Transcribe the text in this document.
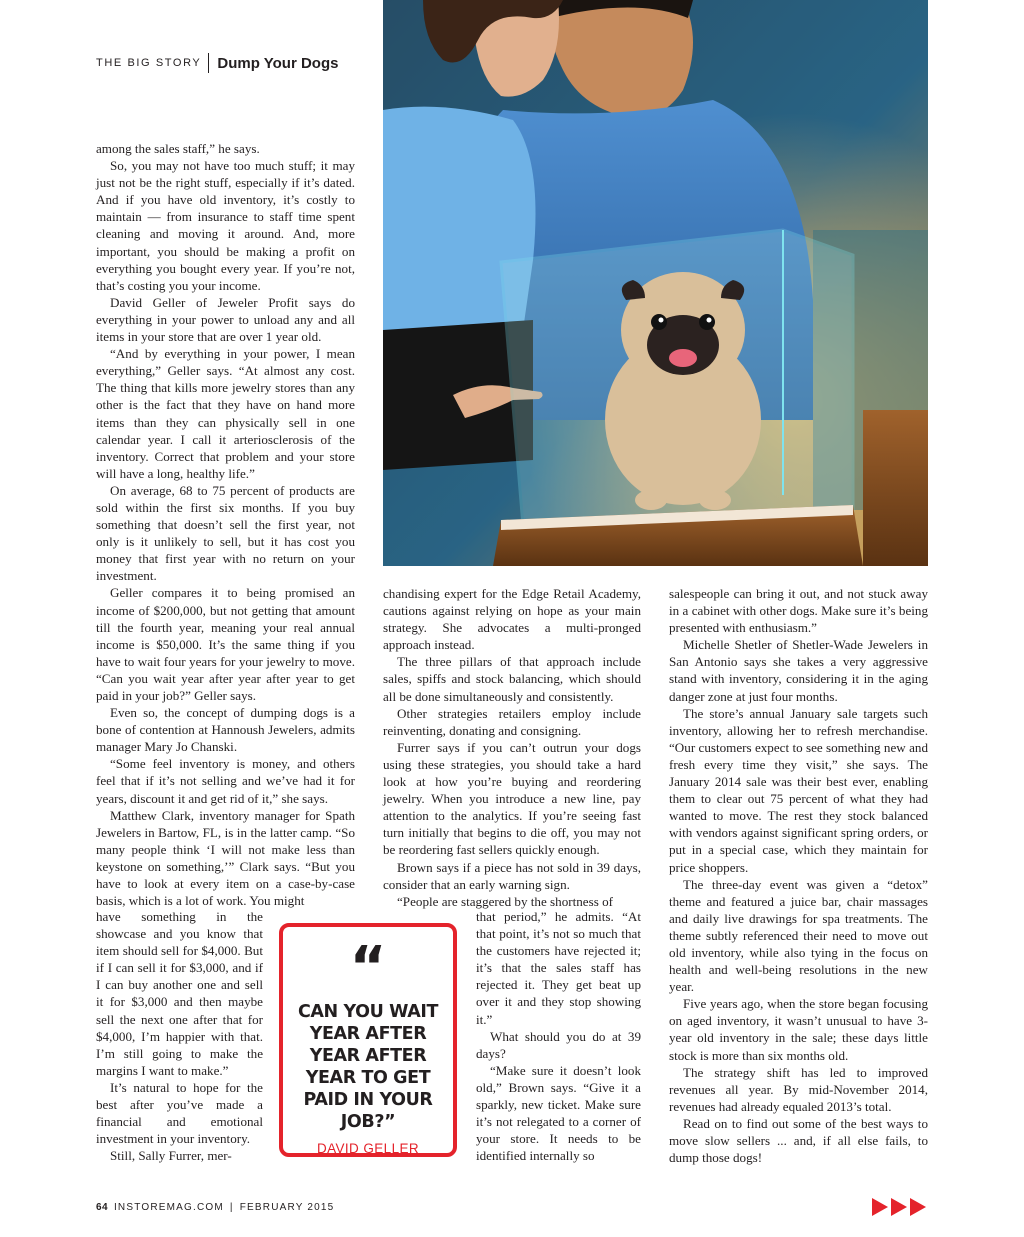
THE BIG STORY Dump Your Dogs

among the sales staff,” he says.

So, you may not have too much stuff; it may just not be the right stuff, especially if it’s dated. And if you have old inventory, it’s costly to maintain — from insurance to staff time spent cleaning and moving it around. And, more important, you should be making a profit on everything you bought every year. If you’re not, that’s costing you your income.

David Geller of Jeweler Profit says do everything in your power to unload any and all items in your store that are over 1 year old.

“And by everything in your power, I mean everything,” Geller says. “At almost any cost. The thing that kills more jewelry stores than any other is the fact that they have on hand more items than they can physically sell in one calendar year. I call it arteriosclerosis of the inventory. Correct that problem and your store will have a long, healthy life.”

On average, 68 to 75 percent of products are sold within the first six months. If you buy something that doesn’t sell the first year, not only is it unlikely to sell, but it has cost you money that first year with no return on your investment.

Geller compares it to being promised an income of $200,000, but not getting that amount till the fourth year, meaning your real annual income is $50,000. It’s the same thing if you have to wait four years for your jewelry to move. “Can you wait year after year after year to get paid in your job?” Geller says.

Even so, the concept of dumping dogs is a bone of contention at Hannoush Jewelers, admits manager Mary Jo Chanski.

“Some feel inventory is money, and others feel that if it’s not selling and we’ve had it for years, discount it and get rid of it,” she says.

Matthew Clark, inventory manager for Spath Jewelers in Bartow, FL, is in the latter camp. “So many people think ‘I will not make less than keystone on something,’” Clark says. “But you have to look at every item on a case-by-case basis, which is a lot of work. You might

have something in the showcase and you know that item should sell for $4,000. But if I can sell it for $3,000, and if I can buy another one and sell it for $3,000 and then maybe sell the next one after that for $4,000, I’m happier with that. I’m still going to make the margins I want to make.”

It’s natural to hope for the best after you’ve made a financial and emotional investment in your inventory.

Still, Sally Furrer, mer-

chandising expert for the Edge Retail Academy, cautions against relying on hope as your main strategy. She advocates a multi-pronged approach instead.

The three pillars of that approach include sales, spiffs and stock balancing, which should all be done simultaneously and consistently.

Other strategies retailers employ include reinventing, donating and consigning.

Furrer says if you can’t outrun your dogs using these strategies, you should take a hard look at how you’re buying and reordering jewelry. When you introduce a new line, pay attention to the analytics. If you’re seeing fast turn initially that begins to die off, you may not be reordering fast sellers quickly enough.

Brown says if a piece has not sold in 39 days, consider that an early warning sign.

“People are staggered by the shortness of

that period,” he admits. “At that point, it’s not so much that the customers have rejected it; it’s that the sales staff has rejected it. They get beat up over it and they stop showing it.”

What should you do at 39 days?

“Make sure it doesn’t look old,” Brown says. “Give it a sparkly, new ticket. Make sure it’s not relegated to a corner of your store. It needs to be identified internally so

salespeople can bring it out, and not stuck away in a cabinet with other dogs. Make sure it’s being presented with enthusiasm.”

Michelle Shetler of Shetler-Wade Jewelers in San Antonio says she takes a very aggressive stand with inventory, considering it in the aging danger zone at just four months.

The store’s annual January sale targets such inventory, allowing her to refresh merchandise. “Our customers expect to see something new and fresh every time they visit,” she says. The January 2014 sale was their best ever, enabling them to clear out 75 percent of what they had wanted to move. The rest they stock balanced with vendors against significant spring orders, or put in a special case, which they maintain for price shoppers.

The three-day event was given a “detox” theme and featured a juice bar, chair massages and daily live drawings for spa treatments. The theme subtly referenced their need to move out old inventory, while also tying in the focus on health and well-being resolutions in the new year.

Five years ago, when the store began focusing on aged inventory, it wasn’t unusual to have 3-year old inventory in the sale; these days little stock is more than six months old.

The strategy shift has led to improved revenues all year. By mid-November 2014, revenues had already equaled 2013’s total.

Read on to find out some of the best ways to move slow sellers ... and, if all else fails, to dump those dogs!

“
CAN YOU WAIT YEAR AFTER YEAR AFTER YEAR TO GET PAID IN YOUR JOB?”
DAVID GELLER
64 INSTOREMAG.COM | FEBRUARY 2015
